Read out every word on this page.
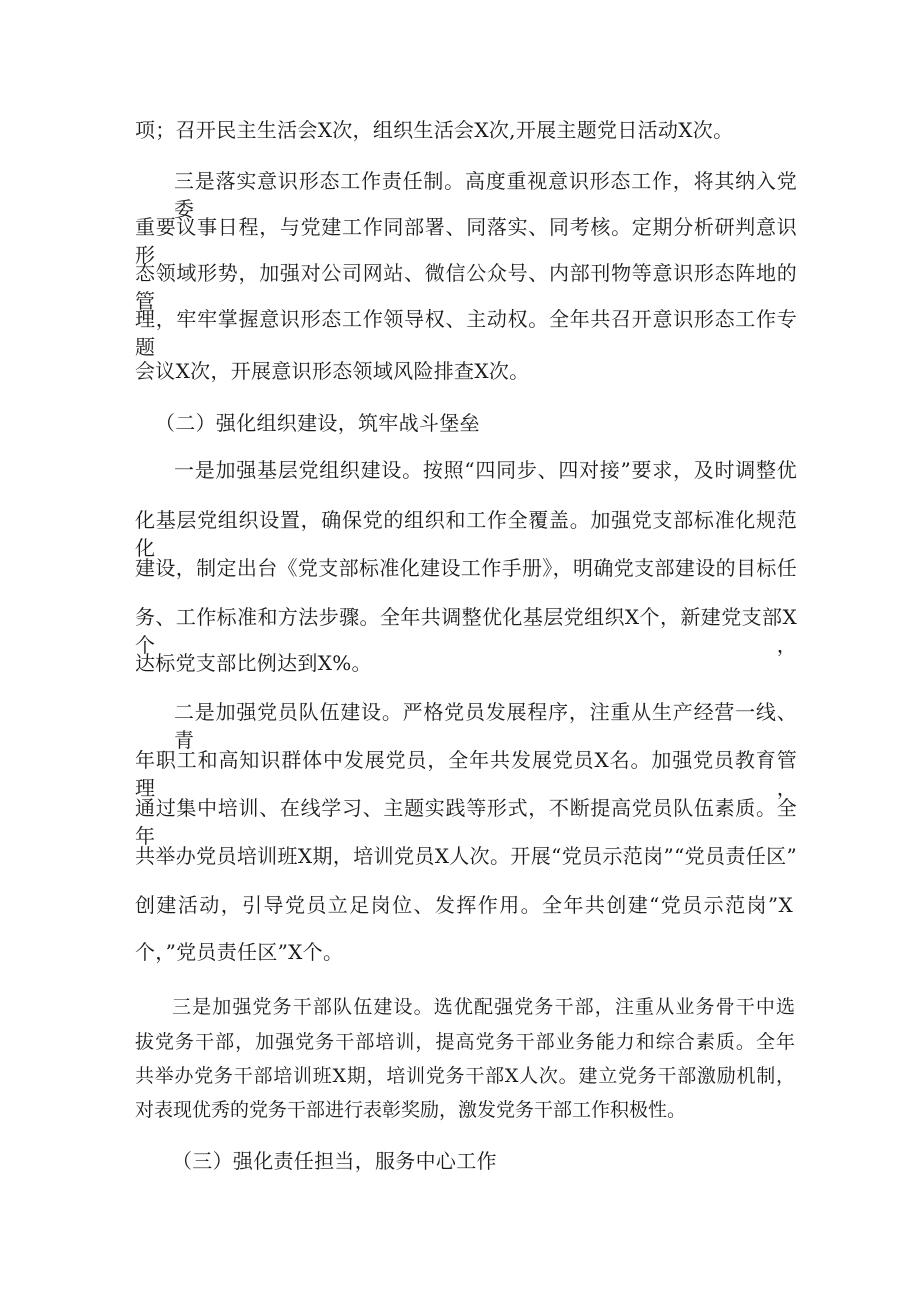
项；召开民主生活会X次，组织生活会X次,开展主题党日活动X次。

三是落实意识形态工作责任制。高度重视意识形态工作，将其纳入党委

重要议事日程，与党建工作同部署、同落实、同考核。定期分析研判意识形

态领域形势，加强对公司网站、微信公众号、内部刊物等意识形态阵地的管

理，牢牢掌握意识形态工作领导权、主动权。全年共召开意识形态工作专题

会议X次，开展意识形态领域风险排查X次。

（二）强化组织建设，筑牢战斗堡垒

一是加强基层党组织建设。按照“四同步、四对接”要求，及时调整优

化基层党组织设置，确保党的组织和工作全覆盖。加强党支部标准化规范化

建设，制定出台《党支部标准化建设工作手册》，明确党支部建设的目标任

务、工作标准和方法步骤。全年共调整优化基层党组织X个，新建党支部X个，

达标党支部比例达到X%。

二是加强党员队伍建设。严格党员发展程序，注重从生产经营一线、青

年职工和高知识群体中发展党员，全年共发展党员X名。加强党员教育管理，

通过集中培训、在线学习、主题实践等形式，不断提高党员队伍素质。全年

共举办党员培训班X期，培训党员X人次。开展“党员示范岗”“党员责任区”

创建活动，引导党员立足岗位、发挥作用。全年共创建“党员示范岗”X

个，”党员责任区”X个。

三是加强党务干部队伍建设。选优配强党务干部，注重从业务骨干中选

拔党务干部，加强党务干部培训，提高党务干部业务能力和综合素质。全年

共举办党务干部培训班X期，培训党务干部X人次。建立党务干部激励机制，

对表现优秀的党务干部进行表彰奖励，激发党务干部工作积极性。

（三）强化责任担当，服务中心工作
